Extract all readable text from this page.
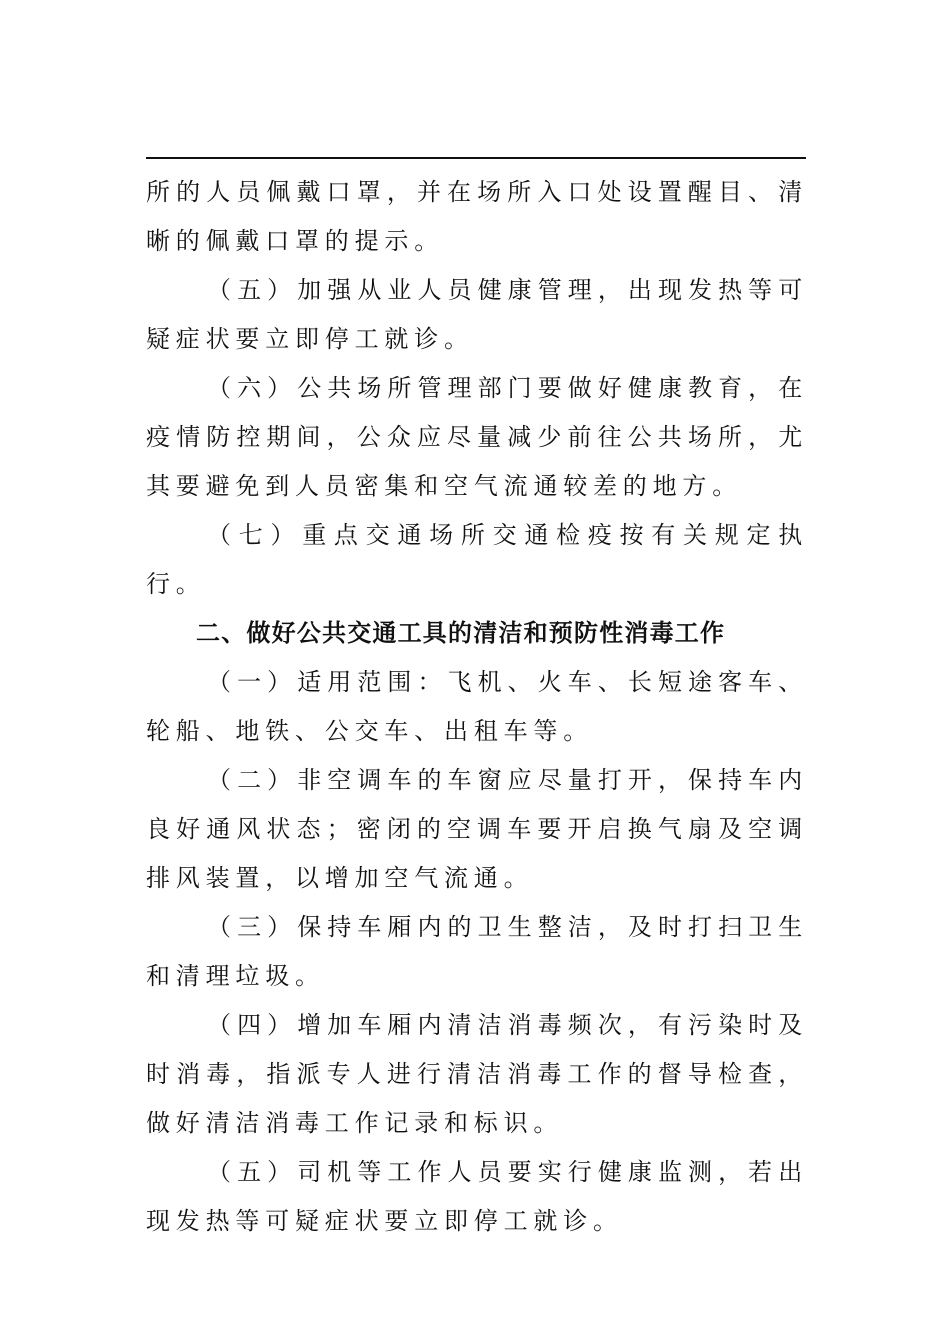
所的人员佩戴口罩，并在场所入口处设置醒目、清晰的佩戴口罩的提示。

（五）加强从业人员健康管理，出现发热等可疑症状要立即停工就诊。

（六）公共场所管理部门要做好健康教育，在疫情防控期间，公众应尽量减少前往公共场所，尤其要避免到人员密集和空气流通较差的地方。

（七）重点交通场所交通检疫按有关规定执行。

二、做好公共交通工具的清洁和预防性消毒工作

（一）适用范围：飞机、火车、长短途客车、轮船、地铁、公交车、出租车等。

（二）非空调车的车窗应尽量打开，保持车内良好通风状态；密闭的空调车要开启换气扇及空调排风装置，以增加空气流通。

（三）保持车厢内的卫生整洁，及时打扫卫生和清理垃圾。

（四）增加车厢内清洁消毒频次，有污染时及时消毒，指派专人进行清洁消毒工作的督导检查，做好清洁消毒工作记录和标识。

（五）司机等工作人员要实行健康监测，若出现发热等可疑症状要立即停工就诊。
